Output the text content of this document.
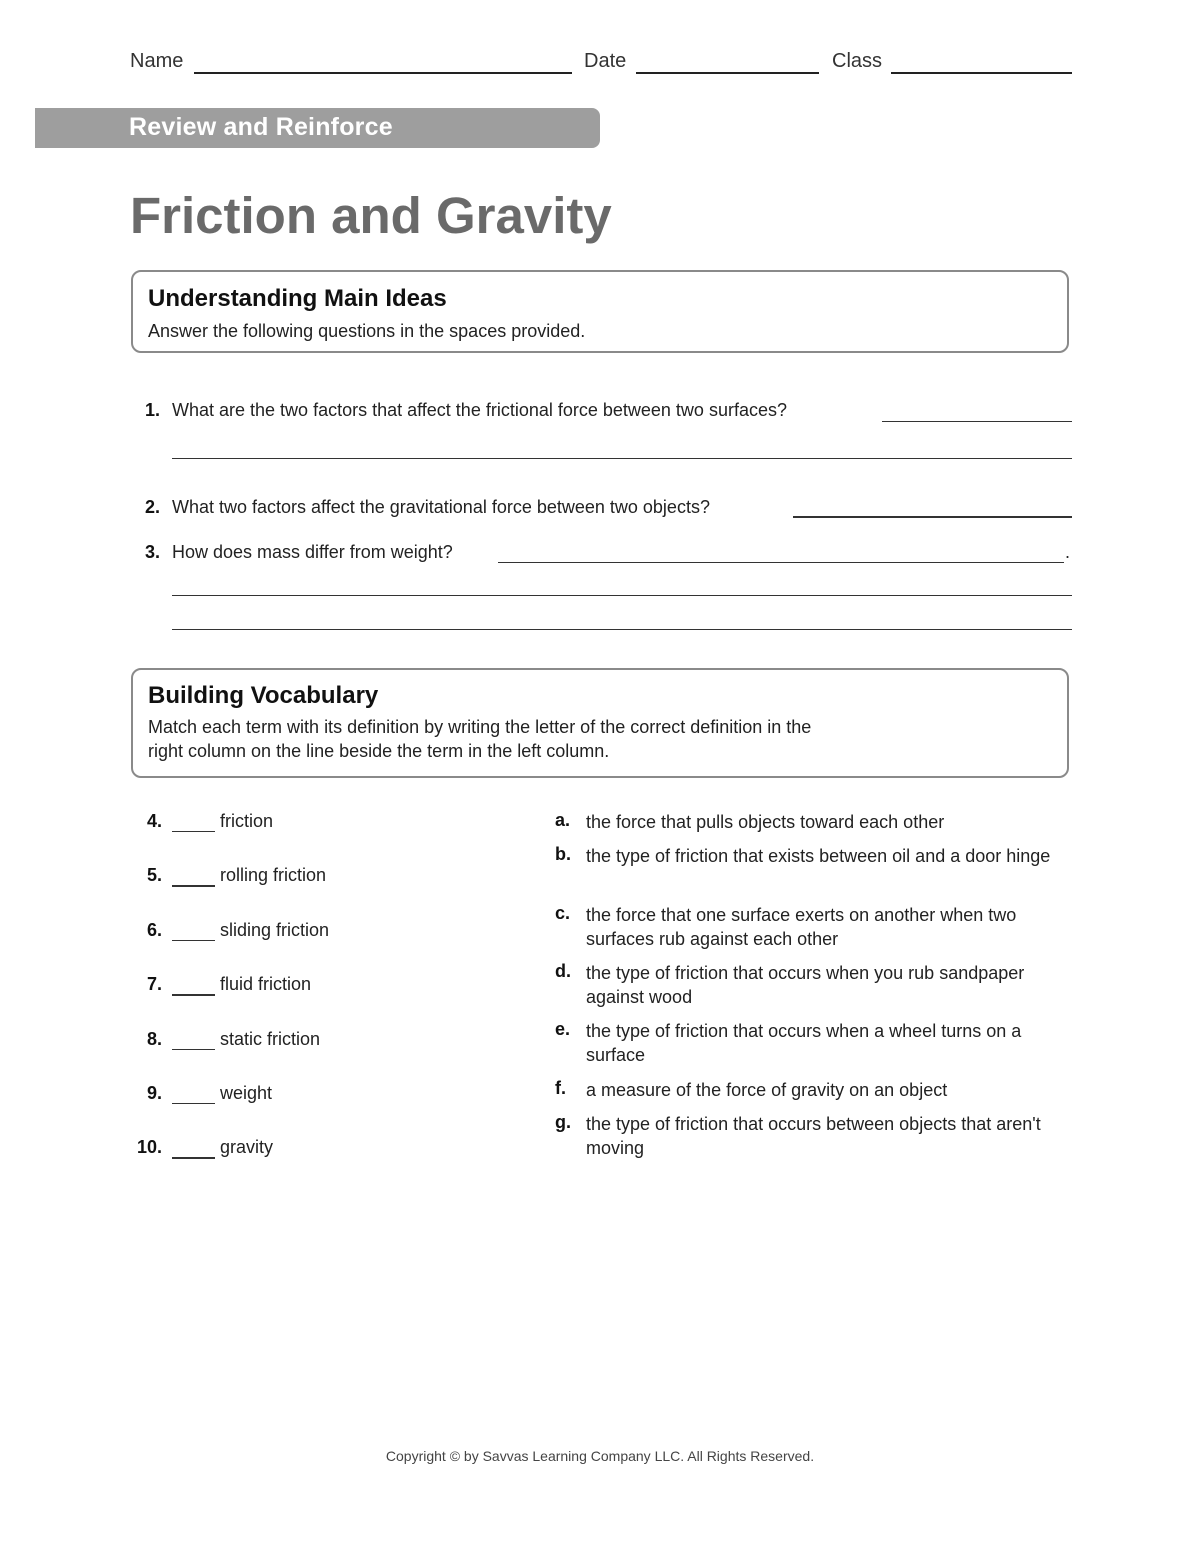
Name	Date	Class
Review and Reinforce
Friction and Gravity
Understanding Main Ideas
Answer the following questions in the spaces provided.
1. What are the two factors that affect the frictional force between two surfaces?
2. What two factors affect the gravitational force between two objects?
3. How does mass differ from weight?	.
Building Vocabulary
Match each term with its definition by writing the letter of the correct definition in the
right column on the line beside the term in the left column.
4.	friction
5.	rolling friction
6.	sliding friction
7.	fluid friction
8.	static friction
9.	weight
10.	gravity
a. the force that pulls objects toward each other
b. the type of friction that exists between oil and a door hinge
c. the force that one surface exerts on another when two surfaces rub against each other
d. the type of friction that occurs when you rub sandpaper against wood
e. the type of friction that occurs when a wheel turns on a surface
f.	a measure of the force of gravity on an object
g. the type of friction that occurs between objects that aren't moving
Copyright © by Savvas Learning Company LLC. All Rights Reserved.
